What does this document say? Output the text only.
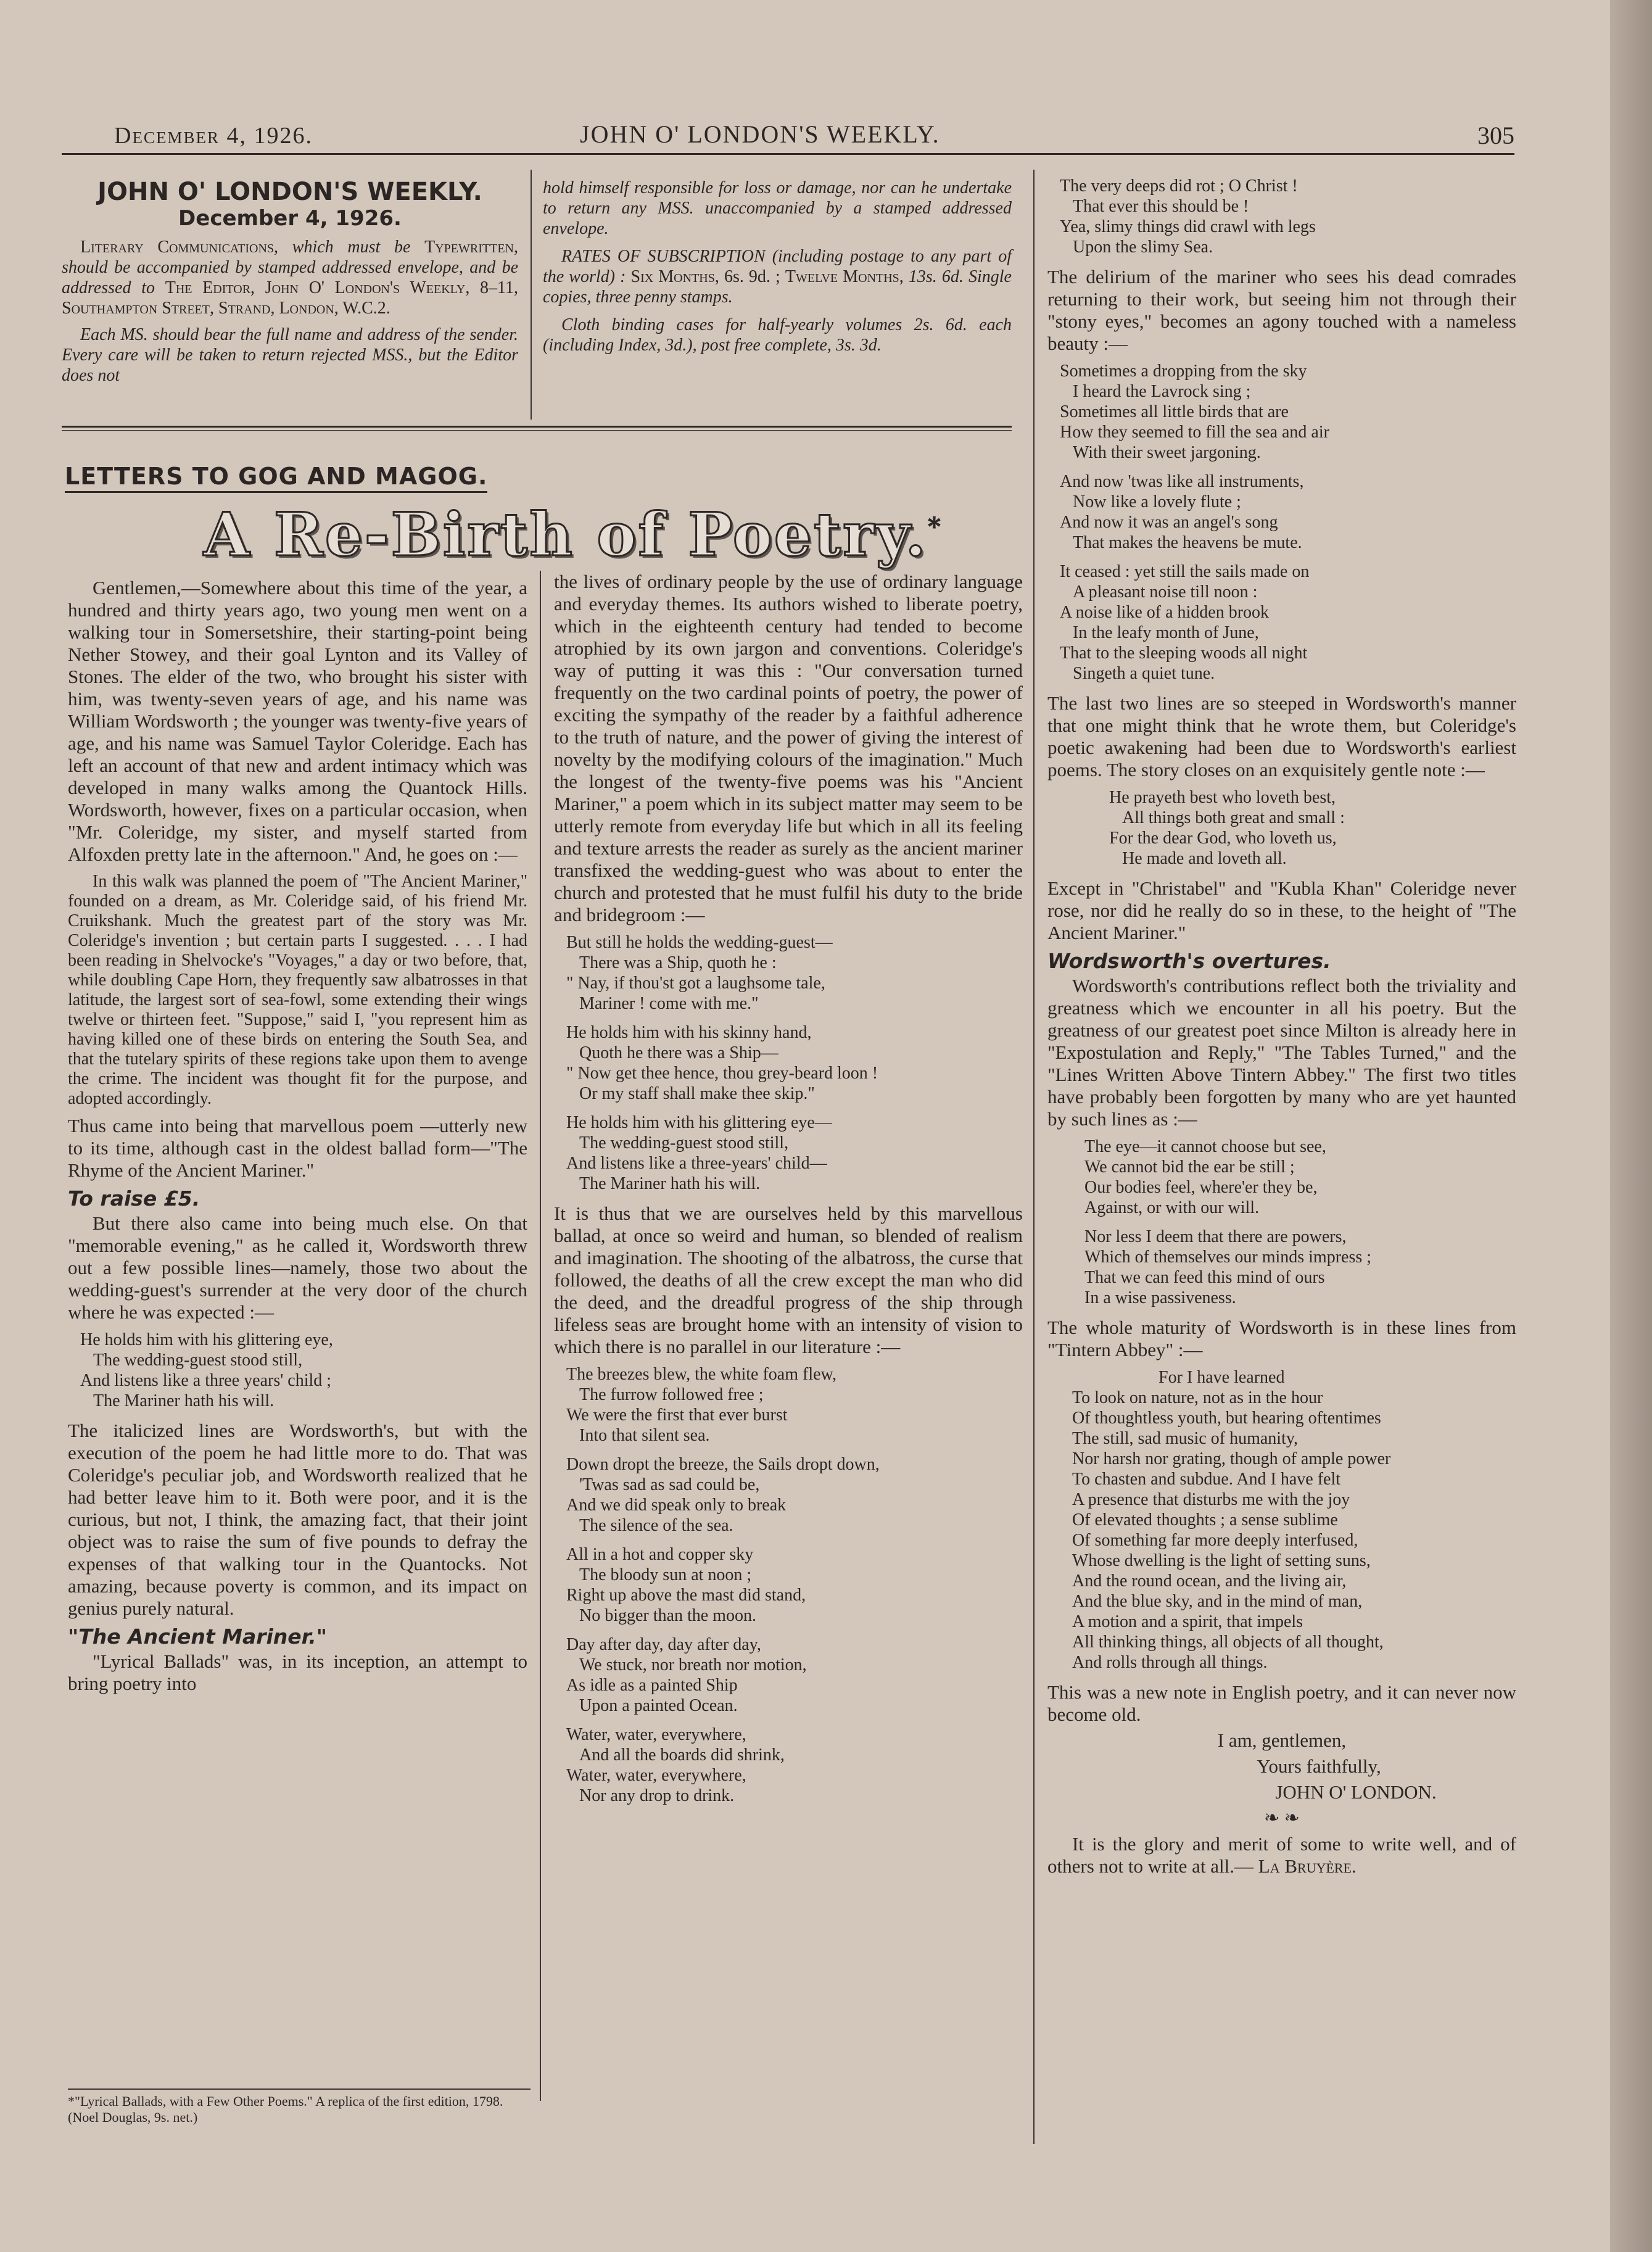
December 4, 1926.	JOHN O' LONDON'S WEEKLY.	305
JOHN O' LONDON'S WEEKLY.
December 4, 1926.

Literary Communications, which must be Typewritten, should be accompanied by stamped addressed envelope, and be addressed to The Editor, John O' London's Weekly, 8–11, Southampton Street, Strand, London, W.C.2.

Each MS. should bear the full name and address of the sender. Every care will be taken to return rejected MSS., but the Editor does not

hold himself responsible for loss or damage, nor can he undertake to return any MSS. unaccompanied by a stamped addressed envelope.

RATES OF SUBSCRIPTION (including postage to any part of the world) : Six Months, 6s. 9d. ; Twelve Months, 13s. 6d. Single copies, three penny stamps.

Cloth binding cases for half-yearly volumes 2s. 6d. each (including Index, 3d.), post free complete, 3s. 3d.

LETTERS TO GOG AND MAGOG.
A Re-Birth of Poetry.*

Gentlemen,—Somewhere about this time of the year, a hundred and thirty years ago, two young men went on a walking tour in Somersetshire, their starting-point being Nether Stowey, and their goal Lynton and its Valley of Stones. The elder of the two, who brought his sister with him, was twenty-seven years of age, and his name was William Wordsworth ; the younger was twenty-five years of age, and his name was Samuel Taylor Coleridge. Each has left an account of that new and ardent intimacy which was developed in many walks among the Quantock Hills. Wordsworth, however, fixes on a particular occasion, when "Mr. Coleridge, my sister, and myself started from Alfoxden pretty late in the afternoon." And, he goes on :—

In this walk was planned the poem of "The Ancient Mariner," founded on a dream, as Mr. Coleridge said, of his friend Mr. Cruikshank. Much the greatest part of the story was Mr. Coleridge's invention ; but certain parts I suggested. . . . I had been reading in Shelvocke's "Voyages," a day or two before, that, while doubling Cape Horn, they frequently saw albatrosses in that latitude, the largest sort of sea-fowl, some extending their wings twelve or thirteen feet. "Suppose," said I, "you represent him as having killed one of these birds on entering the South Sea, and that the tutelary spirits of these regions take upon them to avenge the crime. The incident was thought fit for the purpose, and adopted accordingly.

Thus came into being that marvellous poem —utterly new to its time, although cast in the oldest ballad form—"The Rhyme of the Ancient Mariner."

To raise £5.

But there also came into being much else. On that "memorable evening," as he called it, Wordsworth threw out a few possible lines—namely, those two about the wedding-guest's surrender at the very door of the church where he was expected :—

He holds him with his glittering eye,
The wedding-guest stood still,
And listens like a three years' child ;
The Mariner hath his will.

The italicized lines are Wordsworth's, but with the execution of the poem he had little more to do. That was Coleridge's peculiar job, and Wordsworth realized that he had better leave him to it. Both were poor, and it is the curious, but not, I think, the amazing fact, that their joint object was to raise the sum of five pounds to defray the expenses of that walking tour in the Quantocks. Not amazing, because poverty is common, and its impact on genius purely natural.

"The Ancient Mariner."

"Lyrical Ballads" was, in its inception, an attempt to bring poetry into

*"Lyrical Ballads, with a Few Other Poems." A replica of the first edition, 1798. (Noel Douglas, 9s. net.)

the lives of ordinary people by the use of ordinary language and everyday themes. Its authors wished to liberate poetry, which in the eighteenth century had tended to become atrophied by its own jargon and conventions. Coleridge's way of putting it was this : "Our conversation turned frequently on the two cardinal points of poetry, the power of exciting the sympathy of the reader by a faithful adherence to the truth of nature, and the power of giving the interest of novelty by the modifying colours of the imagination." Much the longest of the twenty-five poems was his "Ancient Mariner," a poem which in its subject matter may seem to be utterly remote from everyday life but which in all its feeling and texture arrests the reader as surely as the ancient mariner transfixed the wedding-guest who was about to enter the church and protested that he must fulfil his duty to the bride and bridegroom :—

But still he holds the wedding-guest—
There was a Ship, quoth he :
" Nay, if thou'st got a laughsome tale,
Mariner ! come with me."
He holds him with his skinny hand,
Quoth he there was a Ship—
" Now get thee hence, thou grey-beard loon !
Or my staff shall make thee skip."
He holds him with his glittering eye—
The wedding-guest stood still,
And listens like a three-years' child—
The Mariner hath his will.

It is thus that we are ourselves held by this marvellous ballad, at once so weird and human, so blended of realism and imagination. The shooting of the albatross, the curse that followed, the deaths of all the crew except the man who did the deed, and the dreadful progress of the ship through lifeless seas are brought home with an intensity of vision to which there is no parallel in our literature :—

The breezes blew, the white foam flew,
The furrow followed free ;
We were the first that ever burst
Into that silent sea.
Down dropt the breeze, the Sails dropt down,
'Twas sad as sad could be,
And we did speak only to break
The silence of the sea.
All in a hot and copper sky
The bloody sun at noon ;
Right up above the mast did stand,
No bigger than the moon.
Day after day, day after day,
We stuck, nor breath nor motion,
As idle as a painted Ship
Upon a painted Ocean.
Water, water, everywhere,
And all the boards did shrink,
Water, water, everywhere,
Nor any drop to drink.
The very deeps did rot ; O Christ !
That ever this should be !
Yea, slimy things did crawl with legs
Upon the slimy Sea.

The delirium of the mariner who sees his dead comrades returning to their work, but seeing him not through their "stony eyes," becomes an agony touched with a nameless beauty :—

Sometimes a dropping from the sky
I heard the Lavrock sing ;
Sometimes all little birds that are
How they seemed to fill the sea and air
With their sweet jargoning.
And now 'twas like all instruments,
Now like a lovely flute ;
And now it was an angel's song
That makes the heavens be mute.
It ceased : yet still the sails made on
A pleasant noise till noon :
A noise like of a hidden brook
In the leafy month of June,
That to the sleeping woods all night
Singeth a quiet tune.

The last two lines are so steeped in Wordsworth's manner that one might think that he wrote them, but Coleridge's poetic awakening had been due to Wordsworth's earliest poems. The story closes on an exquisitely gentle note :—

He prayeth best who loveth best,
All things both great and small :
For the dear God, who loveth us,
He made and loveth all.

Except in "Christabel" and "Kubla Khan" Coleridge never rose, nor did he really do so in these, to the height of "The Ancient Mariner."

Wordsworth's overtures.

Wordsworth's contributions reflect both the triviality and greatness which we encounter in all his poetry. But the greatness of our greatest poet since Milton is already here in "Expostulation and Reply," "The Tables Turned," and the "Lines Written Above Tintern Abbey." The first two titles have probably been forgotten by many who are yet haunted by such lines as :—

The eye—it cannot choose but see,
We cannot bid the ear be still ;
Our bodies feel, where'er they be,
Against, or with our will.
Nor less I deem that there are powers,
Which of themselves our minds impress ;
That we can feed this mind of ours
In a wise passiveness.

The whole maturity of Wordsworth is in these lines from "Tintern Abbey" :—

For I have learned
To look on nature, not as in the hour
Of thoughtless youth, but hearing oftentimes
The still, sad music of humanity,
Nor harsh nor grating, though of ample power
To chasten and subdue. And I have felt
A presence that disturbs me with the joy
Of elevated thoughts ; a sense sublime
Of something far more deeply interfused,
Whose dwelling is the light of setting suns,
And the round ocean, and the living air,
And the blue sky, and in the mind of man,
A motion and a spirit, that impels
All thinking things, all objects of all thought,
And rolls through all things.

This was a new note in English poetry, and it can never now become old.

I am, gentlemen,
Yours faithfully,
JOHN O' LONDON.
❧ ❧

It is the glory and merit of some to write well, and of others not to write at all.— La Bruyère.
